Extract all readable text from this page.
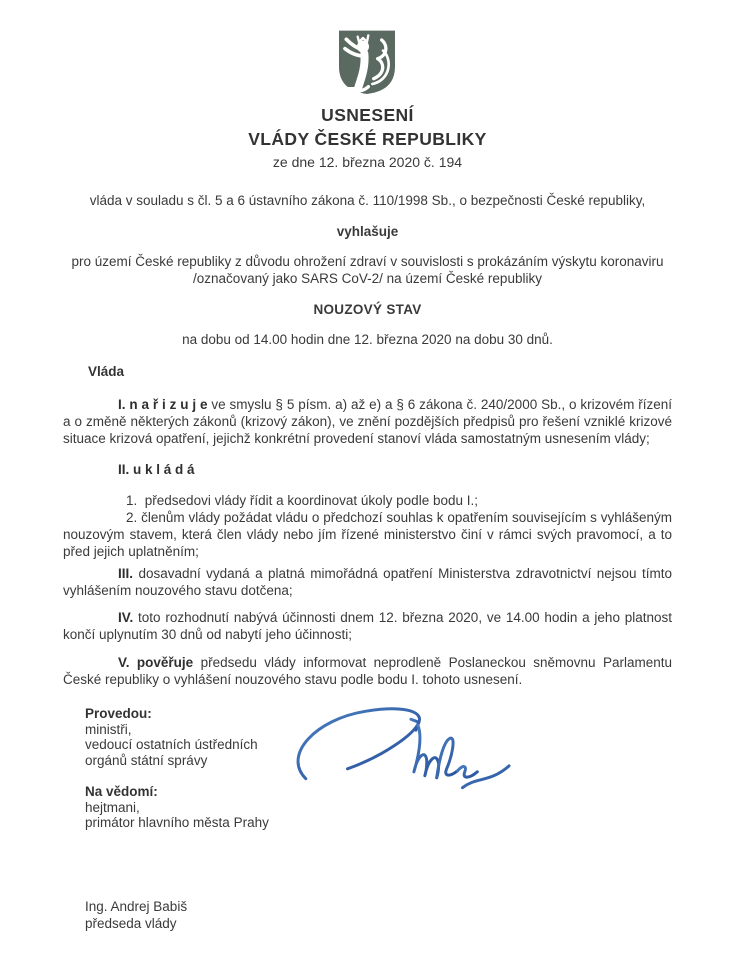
USNESENÍ

VLÁDY ČESKÉ REPUBLIKY

ze dne 12. března 2020 č. 194

vláda v souladu s čl. 5 a 6 ústavního zákona č. 110/1998 Sb., o bezpečnosti České republiky,

vyhlašuje

pro území České republiky z důvodu ohrožení zdraví v souvislosti s prokázáním výskytu koronaviru
/označovaný jako SARS CoV-2/ na území České republiky

NOUZOVÝ STAV

na dobu od 14.00 hodin dne 12. března 2020 na dobu 30 dnů.

Vláda

I. n a ř i z u j e ve smyslu § 5 písm. a) až e) a § 6 zákona č. 240/2000 Sb., o krizovém řízení a o změně některých zákonů (krizový zákon), ve znění pozdějších předpisů pro řešení vzniklé krizové situace krizová opatření, jejichž konkrétní provedení stanoví vláda samostatným usnesením vlády;

II. u k l á d á

1. předsedovi vlády řídit a koordinovat úkoly podle bodu I.;

2. členům vlády požádat vládu o předchozí souhlas k opatřením souvisejícím s vyhlášeným nouzovým stavem, která člen vlády nebo jím řízené ministerstvo činí v rámci svých pravomocí, a to před jejich uplatněním;

III. dosavadní vydaná a platná mimořádná opatření Ministerstva zdravotnictví nejsou tímto vyhlášením nouzového stavu dotčena;

IV. toto rozhodnutí nabývá účinnosti dnem 12. března 2020, ve 14.00 hodin a jeho platnost končí uplynutím 30 dnů od nabytí jeho účinnosti;

V. pověřuje předsedu vlády informovat neprodleně Poslaneckou sněmovnu Parlamentu České republiky o vyhlášení nouzového stavu podle bodu I. tohoto usnesení.

Provedou:
ministři,
vedoucí ostatních ústředních
orgánů státní správy
Na vědomí:
hejtmani,
primátor hlavního města Prahy
Ing. Andrej Babiš
předseda vlády
